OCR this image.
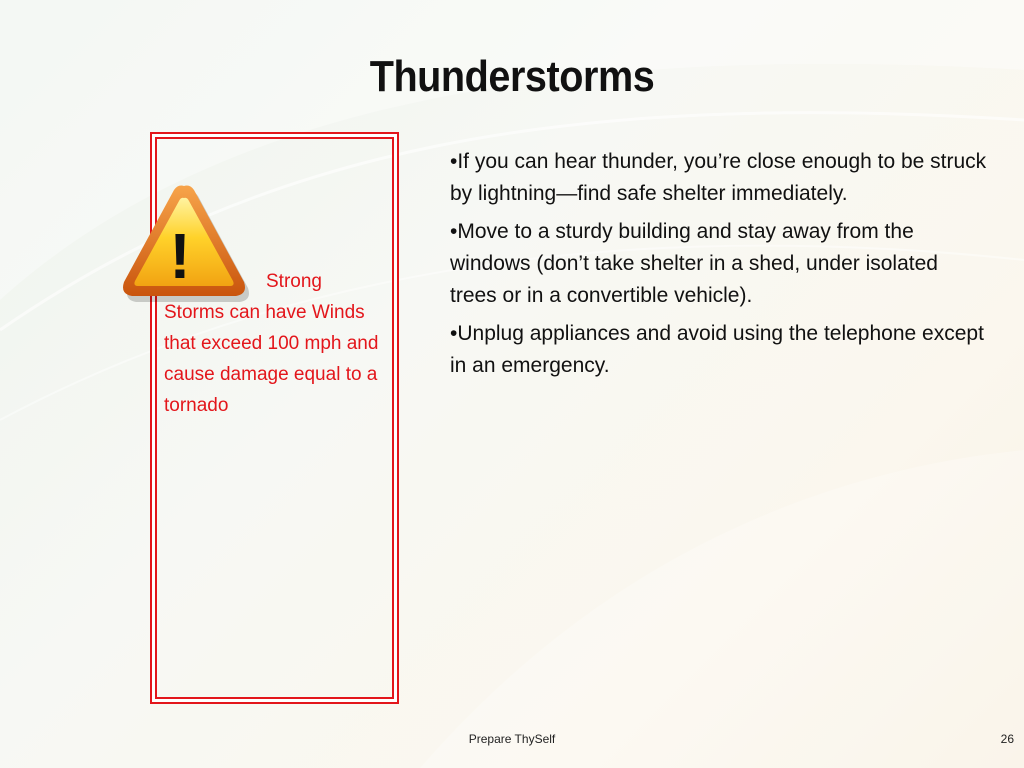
Thunderstorms
!	Strong Storms can have Winds that exceed 100 mph and cause damage equal to a tornado
•If you can hear thunder, you’re close enough to be struck by lightning—find safe shelter immediately.
•Move to a sturdy building and stay away from the windows (don’t take shelter in a shed, under isolated trees or in a convertible vehicle).
•Unplug appliances and avoid using the telephone except in an emergency.
Prepare ThySelf	26
